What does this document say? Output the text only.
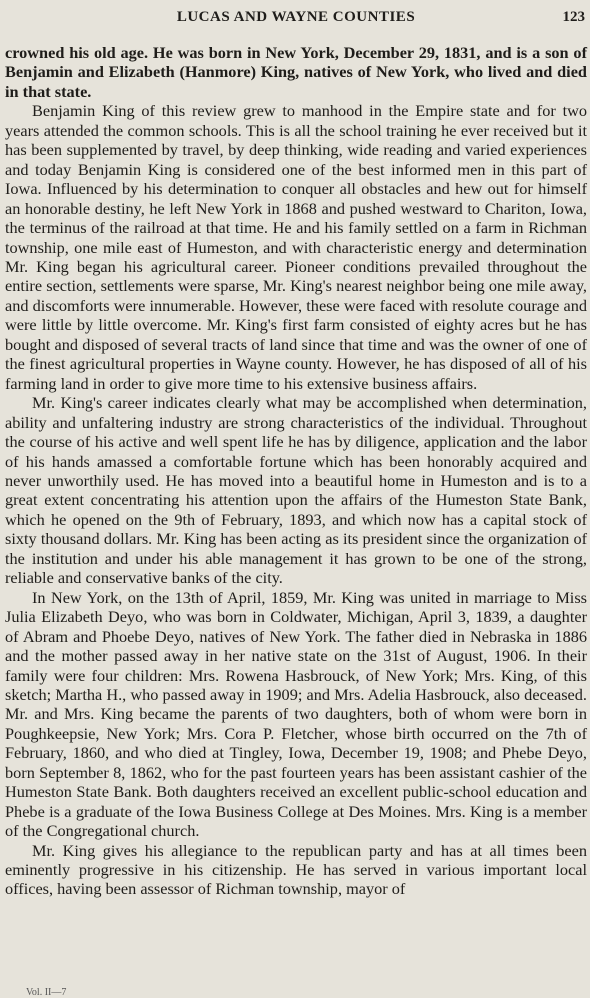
LUCAS AND WAYNE COUNTIES	123

crowned his old age. He was born in New York, December 29, 1831, and is a son of Benjamin and Elizabeth (Hanmore) King, natives of New York, who lived and died in that state.

Benjamin King of this review grew to manhood in the Empire state and for two years attended the common schools. This is all the school training he ever received but it has been supplemented by travel, by deep thinking, wide reading and varied experiences and today Benjamin King is considered one of the best informed men in this part of Iowa. Influenced by his determination to conquer all obstacles and hew out for himself an honorable destiny, he left New York in 1868 and pushed westward to Chariton, Iowa, the terminus of the railroad at that time. He and his family settled on a farm in Richman township, one mile east of Humeston, and with characteristic energy and determination Mr. King began his agricultural career. Pioneer conditions prevailed throughout the entire section, settlements were sparse, Mr. King's nearest neighbor being one mile away, and discomforts were innumerable. However, these were faced with resolute courage and were little by little overcome. Mr. King's first farm consisted of eighty acres but he has bought and disposed of several tracts of land since that time and was the owner of one of the finest agricultural properties in Wayne county. However, he has disposed of all of his farming land in order to give more time to his extensive business affairs.

Mr. King's career indicates clearly what may be accomplished when determination, ability and unfaltering industry are strong characteristics of the individual. Throughout the course of his active and well spent life he has by diligence, application and the labor of his hands amassed a comfortable fortune which has been honorably acquired and never unworthily used. He has moved into a beautiful home in Humeston and is to a great extent concentrating his attention upon the affairs of the Humeston State Bank, which he opened on the 9th of February, 1893, and which now has a capital stock of sixty thousand dollars. Mr. King has been acting as its president since the organization of the institution and under his able management it has grown to be one of the strong, reliable and conservative banks of the city.

In New York, on the 13th of April, 1859, Mr. King was united in marriage to Miss Julia Elizabeth Deyo, who was born in Coldwater, Michigan, April 3, 1839, a daughter of Abram and Phoebe Deyo, natives of New York. The father died in Nebraska in 1886 and the mother passed away in her native state on the 31st of August, 1906. In their family were four children: Mrs. Rowena Hasbrouck, of New York; Mrs. King, of this sketch; Martha H., who passed away in 1909; and Mrs. Adelia Hasbrouck, also deceased. Mr. and Mrs. King became the parents of two daughters, both of whom were born in Poughkeepsie, New York; Mrs. Cora P. Fletcher, whose birth occurred on the 7th of February, 1860, and who died at Tingley, Iowa, December 19, 1908; and Phebe Deyo, born September 8, 1862, who for the past fourteen years has been assistant cashier of the Humeston State Bank. Both daughters received an excellent public-school education and Phebe is a graduate of the Iowa Business College at Des Moines. Mrs. King is a member of the Congregational church.

Mr. King gives his allegiance to the republican party and has at all times been eminently progressive in his citizenship. He has served in various important local offices, having been assessor of Richman township, mayor of

Vol. II—7
